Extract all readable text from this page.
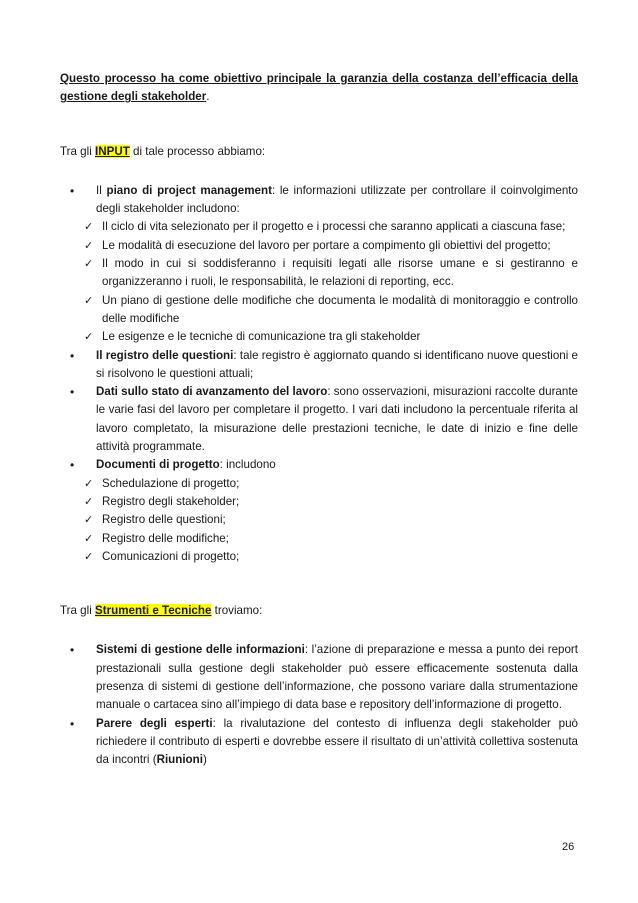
Questo processo ha come obiettivo principale la garanzia della costanza dell’efficacia della gestione degli stakeholder.

Tra gli INPUT di tale processo abbiamo:

• Il piano di project management: le informazioni utilizzate per controllare il coinvolgimento degli stakeholder includono:
✓ Il ciclo di vita selezionato per il progetto e i processi che saranno applicati a ciascuna fase;
✓ Le modalità di esecuzione del lavoro per portare a compimento gli obiettivi del progetto;
✓ Il modo in cui si soddisferanno i requisiti legati alle risorse umane e si gestiranno e organizzeranno i ruoli, le responsabilità, le relazioni di reporting, ecc.
✓ Un piano di gestione delle modifiche che documenta le modalità di monitoraggio e controllo delle modifiche
✓ Le esigenze e le tecniche di comunicazione tra gli stakeholder
• Il registro delle questioni: tale registro è aggiornato quando si identificano nuove questioni e si risolvono le questioni attuali;
• Dati sullo stato di avanzamento del lavoro: sono osservazioni, misurazioni raccolte durante le varie fasi del lavoro per completare il progetto. I vari dati includono la percentuale riferita al lavoro completato, la misurazione delle prestazioni tecniche, le date di inizio e fine delle attività programmate.
• Documenti di progetto: includono
✓ Schedulazione di progetto;
✓ Registro degli stakeholder;
✓ Registro delle questioni;
✓ Registro delle modifiche;
✓ Comunicazioni di progetto;

Tra gli Strumenti e Tecniche troviamo:

• Sistemi di gestione delle informazioni: l’azione di preparazione e messa a punto dei report prestazionali sulla gestione degli stakeholder può essere efficacemente sostenuta dalla presenza di sistemi di gestione dell’informazione, che possono variare dalla strumentazione manuale o cartacea sino all’impiego di data base e repository dell’informazione di progetto.
• Parere degli esperti: la rivalutazione del contesto di influenza degli stakeholder può richiedere il contributo di esperti e dovrebbe essere il risultato di un’attività collettiva sostenuta da incontri (Riunioni)
26
